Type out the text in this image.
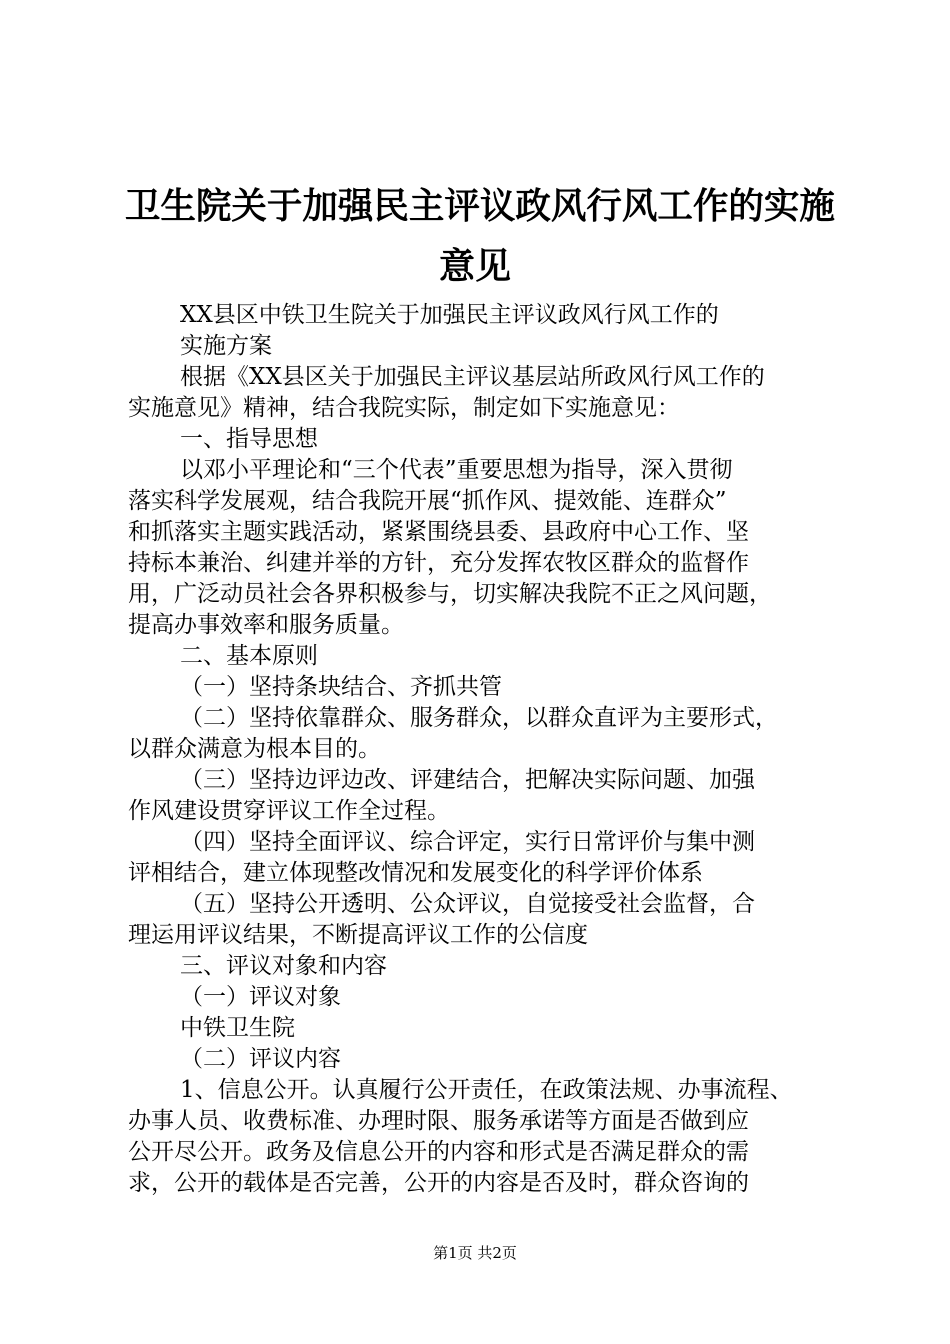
卫生院关于加强民主评议政风行风工作的实施
意见
XX县区中铁卫生院关于加强民主评议政风行风工作的
实施方案
根据《XX县区关于加强民主评议基层站所政风行风工作的
实施意见》精神，结合我院实际，制定如下实施意见：
一、指导思想
以邓小平理论和“三个代表”重要思想为指导，深入贯彻
落实科学发展观，结合我院开展“抓作风、提效能、连群众”
和抓落实主题实践活动，紧紧围绕县委、县政府中心工作、坚
持标本兼治、纠建并举的方针，充分发挥农牧区群众的监督作
用，广泛动员社会各界积极参与，切实解决我院不正之风问题，
提高办事效率和服务质量。
二、基本原则
（一）坚持条块结合、齐抓共管
（二）坚持依靠群众、服务群众，以群众直评为主要形式，
以群众满意为根本目的。
（三）坚持边评边改、评建结合，把解决实际问题、加强
作风建设贯穿评议工作全过程。
（四）坚持全面评议、综合评定，实行日常评价与集中测
评相结合，建立体现整改情况和发展变化的科学评价体系
（五）坚持公开透明、公众评议，自觉接受社会监督，合
理运用评议结果，不断提高评议工作的公信度
三、评议对象和内容
（一）评议对象
中铁卫生院
（二）评议内容
1、信息公开。认真履行公开责任，在政策法规、办事流程、
办事人员、收费标准、办理时限、服务承诺等方面是否做到应
公开尽公开。政务及信息公开的内容和形式是否满足群众的需
求，公开的载体是否完善，公开的内容是否及时，群众咨询的
第1页 共2页
